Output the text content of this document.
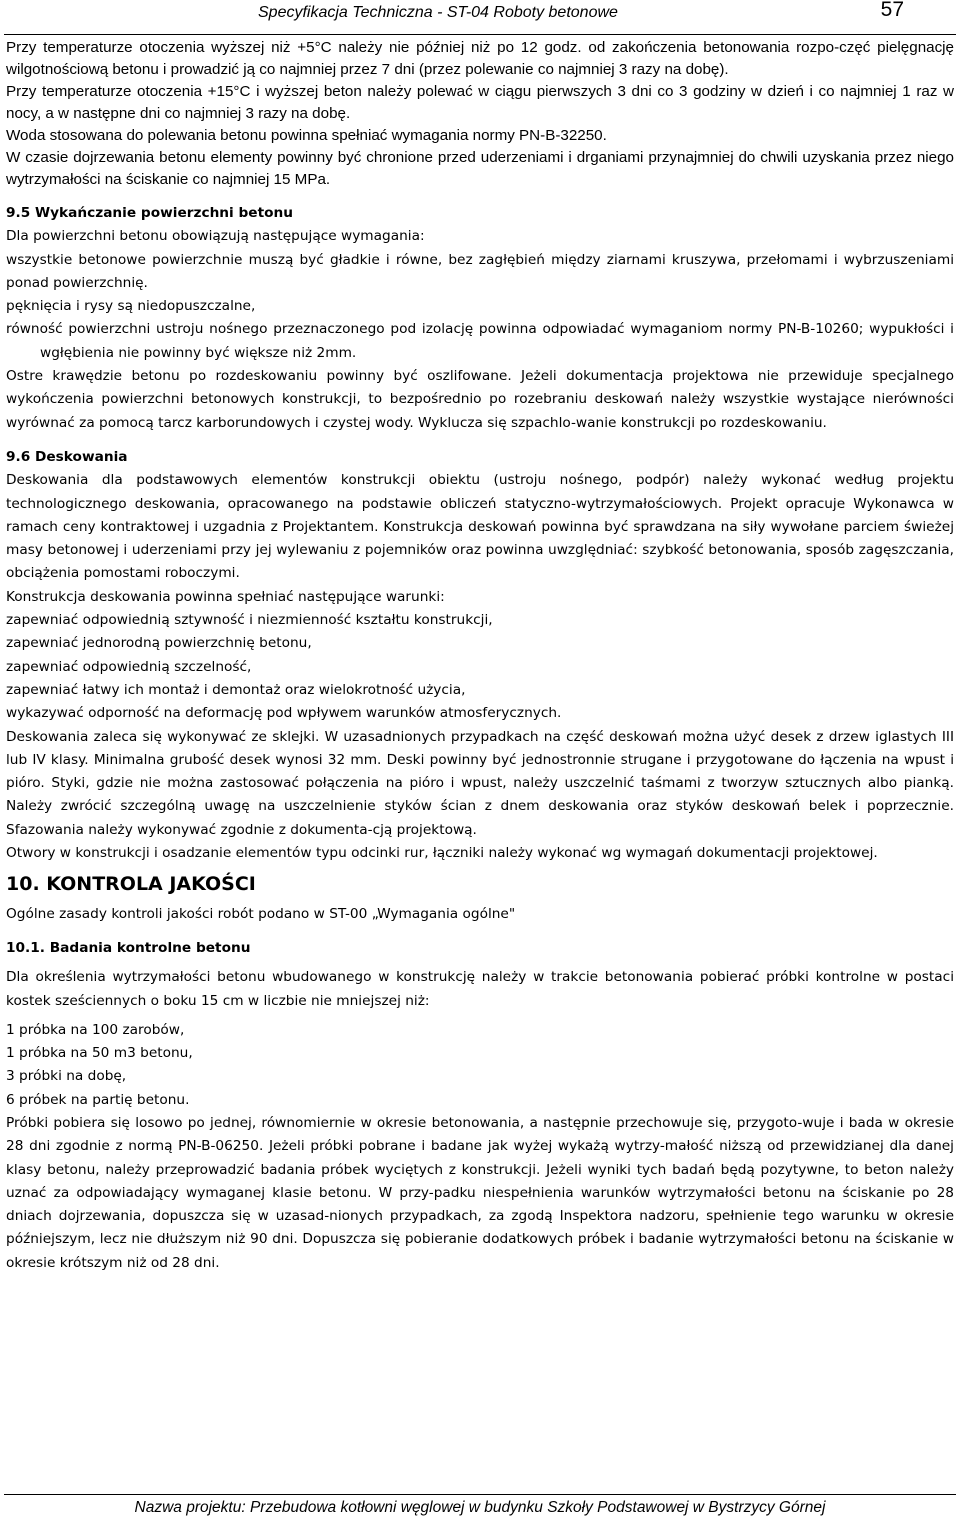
Specyfikacja Techniczna - ST-04 Roboty betonowe	57

Przy temperaturze otoczenia wyższej niż +5°C należy nie później niż po 12 godz. od zakończenia betonowania rozpo-częć pielęgnację wilgotnościową betonu i prowadzić ją co najmniej przez 7 dni (przez polewanie co najmniej 3 razy na dobę).

Przy temperaturze otoczenia +15°C i wyższej beton należy polewać w ciągu pierwszych 3 dni co 3 godziny w dzień i co najmniej 1 raz w nocy, a w następne dni co najmniej 3 razy na dobę.

Woda stosowana do polewania betonu powinna spełniać wymagania normy PN-B-32250.

W czasie dojrzewania betonu elementy powinny być chronione przed uderzeniami i drganiami przynajmniej do chwili uzyskania przez niego wytrzymałości na ściskanie co najmniej 15 MPa.

9.5 Wykańczanie powierzchni betonu

Dla powierzchni betonu obowiązują następujące wymagania:

wszystkie betonowe powierzchnie muszą być gładkie i równe, bez zagłębień między ziarnami kruszywa, przełomami i wybrzuszeniami ponad powierzchnię.

pęknięcia i rysy są niedopuszczalne,

równość powierzchni ustroju nośnego przeznaczonego pod izolację powinna odpowiadać wymaganiom normy PN-B-10260; wypukłości i wgłębienia nie powinny być większe niż 2mm.

Ostre krawędzie betonu po rozdeskowaniu powinny być oszlifowane. Jeżeli dokumentacja projektowa nie przewiduje specjalnego wykończenia powierzchni betonowych konstrukcji, to bezpośrednio po rozebraniu deskowań należy wszystkie wystające nierówności wyrównać za pomocą tarcz karborundowych i czystej wody. Wyklucza się szpachlo-wanie konstrukcji po rozdeskowaniu.

9.6 Deskowania

Deskowania dla podstawowych elementów konstrukcji obiektu (ustroju nośnego, podpór) należy wykonać według projektu technologicznego deskowania, opracowanego na podstawie obliczeń statyczno-wytrzymałościowych. Projekt opracuje Wykonawca w ramach ceny kontraktowej i uzgadnia z Projektantem. Konstrukcja deskowań powinna być sprawdzana na siły wywołane parciem świeżej masy betonowej i uderzeniami przy jej wylewaniu z pojemników oraz powinna uwzględniać: szybkość betonowania, sposób zagęszczania, obciążenia pomostami roboczymi.

Konstrukcja deskowania powinna spełniać następujące warunki:

zapewniać odpowiednią sztywność i niezmienność kształtu konstrukcji,

zapewniać jednorodną powierzchnię betonu,

zapewniać odpowiednią szczelność,

zapewniać łatwy ich montaż i demontaż oraz wielokrotność użycia,

wykazywać odporność na deformację pod wpływem warunków atmosferycznych.

Deskowania zaleca się wykonywać ze sklejki. W uzasadnionych przypadkach na część deskowań można użyć desek z drzew iglastych III lub IV klasy. Minimalna grubość desek wynosi 32 mm. Deski powinny być jednostronnie strugane i przygotowane do łączenia na wpust i pióro. Styki, gdzie nie można zastosować połączenia na pióro i wpust, należy uszczelnić taśmami z tworzyw sztucznych albo pianką. Należy zwrócić szczególną uwagę na uszczelnienie styków ścian z dnem deskowania oraz styków deskowań belek i poprzecznie. Sfazowania należy wykonywać zgodnie z dokumenta-cją projektową.

Otwory w konstrukcji i osadzanie elementów typu odcinki rur, łączniki należy wykonać wg wymagań dokumentacji projektowej.

10. KONTROLA JAKOŚCI

Ogólne zasady kontroli jakości robót podano w ST-00 „Wymagania ogólne"

10.1. Badania kontrolne betonu

Dla określenia wytrzymałości betonu wbudowanego w konstrukcję należy w trakcie betonowania pobierać próbki kontrolne w postaci kostek sześciennych o boku 15 cm w liczbie nie mniejszej niż:

1 próbka na 100 zarobów,

1 próbka na 50 m3 betonu,

3 próbki na dobę,

6 próbek na partię betonu.

Próbki pobiera się losowo po jednej, równomiernie w okresie betonowania, a następnie przechowuje się, przygoto-wuje i bada w okresie 28 dni zgodnie z normą PN-B-06250. Jeżeli próbki pobrane i badane jak wyżej wykażą wytrzy-małość niższą od przewidzianej dla danej klasy betonu, należy przeprowadzić badania próbek wyciętych z konstrukcji. Jeżeli wyniki tych badań będą pozytywne, to beton należy uznać za odpowiadający wymaganej klasie betonu. W przy-padku niespełnienia warunków wytrzymałości betonu na ściskanie po 28 dniach dojrzewania, dopuszcza się w uzasad-nionych przypadkach, za zgodą Inspektora nadzoru, spełnienie tego warunku w okresie późniejszym, lecz nie dłuższym niż 90 dni. Dopuszcza się pobieranie dodatkowych próbek i badanie wytrzymałości betonu na ściskanie w okresie krótszym niż od 28 dni.

Nazwa projektu: Przebudowa kotłowni węglowej w budynku Szkoły Podstawowej w Bystrzycy Górnej
